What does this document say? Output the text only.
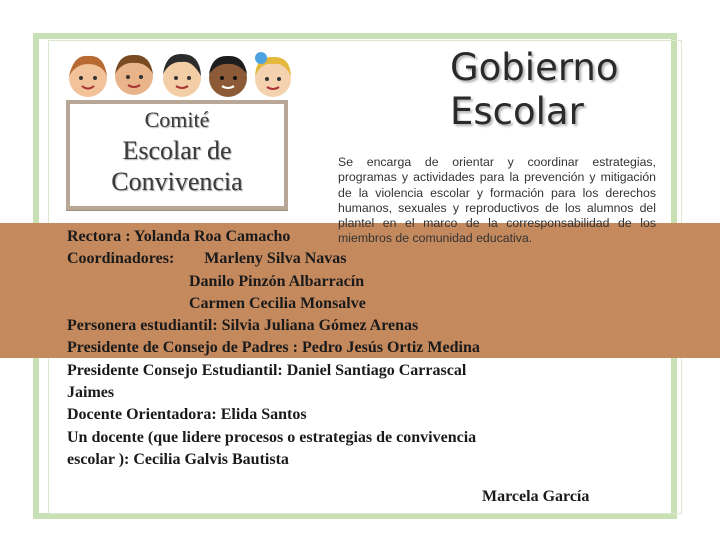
Comité
Escolar de
Convivencia
Gobierno
Escolar
Se encarga de orientar y coordinar estrategias, programas y actividades para la prevención y mitigación de la violencia escolar y formación para los derechos humanos, sexuales y reproductivos de los alumnos del plantel en el marco de la corresponsabilidad de los miembros de comunidad educativa.
Rectora : Yolanda Roa Camacho
Coordinadores: Marleny Silva Navas
Danilo Pinzón Albarracín
Carmen Cecilia Monsalve
Personera estudiantil: Silvia Juliana Gómez Arenas
Presidente de Consejo de Padres : Pedro Jesús Ortiz Medina
Presidente Consejo Estudiantil: Daniel Santiago Carrascal
Jaimes
Docente Orientadora: Elida Santos
Un docente (que lidere procesos o estrategias de convivencia
escolar ): Cecilia Galvis Bautista
Marcela García
